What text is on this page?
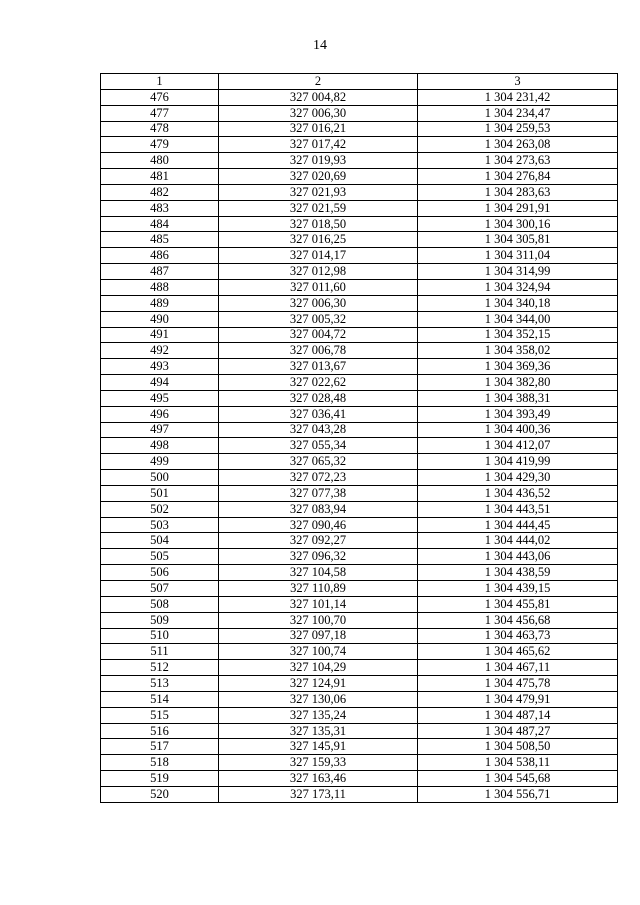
14
1	2	3
476	327 004,82	1 304 231,42
477	327 006,30	1 304 234,47
478	327 016,21	1 304 259,53
479	327 017,42	1 304 263,08
480	327 019,93	1 304 273,63
481	327 020,69	1 304 276,84
482	327 021,93	1 304 283,63
483	327 021,59	1 304 291,91
484	327 018,50	1 304 300,16
485	327 016,25	1 304 305,81
486	327 014,17	1 304 311,04
487	327 012,98	1 304 314,99
488	327 011,60	1 304 324,94
489	327 006,30	1 304 340,18
490	327 005,32	1 304 344,00
491	327 004,72	1 304 352,15
492	327 006,78	1 304 358,02
493	327 013,67	1 304 369,36
494	327 022,62	1 304 382,80
495	327 028,48	1 304 388,31
496	327 036,41	1 304 393,49
497	327 043,28	1 304 400,36
498	327 055,34	1 304 412,07
499	327 065,32	1 304 419,99
500	327 072,23	1 304 429,30
501	327 077,38	1 304 436,52
502	327 083,94	1 304 443,51
503	327 090,46	1 304 444,45
504	327 092,27	1 304 444,02
505	327 096,32	1 304 443,06
506	327 104,58	1 304 438,59
507	327 110,89	1 304 439,15
508	327 101,14	1 304 455,81
509	327 100,70	1 304 456,68
510	327 097,18	1 304 463,73
511	327 100,74	1 304 465,62
512	327 104,29	1 304 467,11
513	327 124,91	1 304 475,78
514	327 130,06	1 304 479,91
515	327 135,24	1 304 487,14
516	327 135,31	1 304 487,27
517	327 145,91	1 304 508,50
518	327 159,33	1 304 538,11
519	327 163,46	1 304 545,68
520	327 173,11	1 304 556,71
